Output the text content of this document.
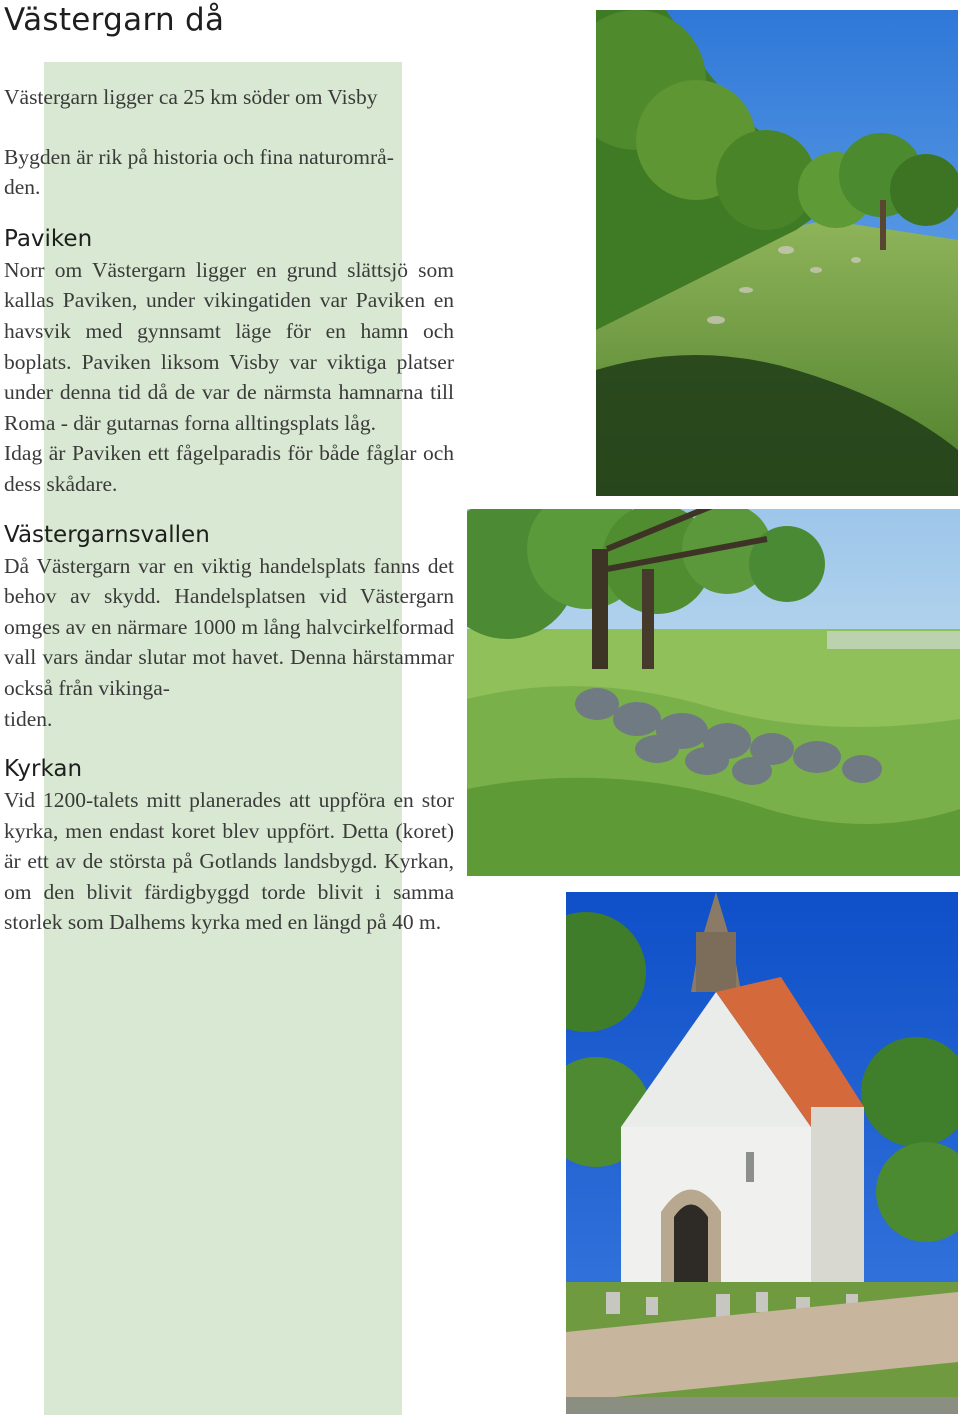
Västergarn då

Västergarn ligger ca 25 km söder om Visby

Bygden är rik på historia och fina naturområ-
den.

Paviken

Norr om Västergarn ligger en grund slättsjö som kallas Paviken, under vikingatiden var Paviken en havsvik med gynnsamt läge för en hamn och boplats. Paviken liksom Visby var viktiga platser under denna tid då de var de närmsta hamnarna till Roma - där gutarnas forna alltingsplats låg.
Idag är Paviken ett fågelparadis för både fåglar och dess skådare.

Västergarnsvallen

Då Västergarn var en viktig handelsplats fanns det behov av skydd. Handelsplatsen vid Västergarn omges av en närmare 1000 m lång halvcirkelformad vall vars ändar slutar mot havet. Denna härstammar också från vikinga-
tiden.

Kyrkan

Vid 1200-talets mitt planerades att uppföra en stor kyrka, men endast koret blev uppfört. Detta (koret) är ett av de största på Gotlands landsbygd. Kyrkan, om den blivit färdigbyggd torde blivit i samma storlek som Dalhems kyrka med en längd på 40 m.
